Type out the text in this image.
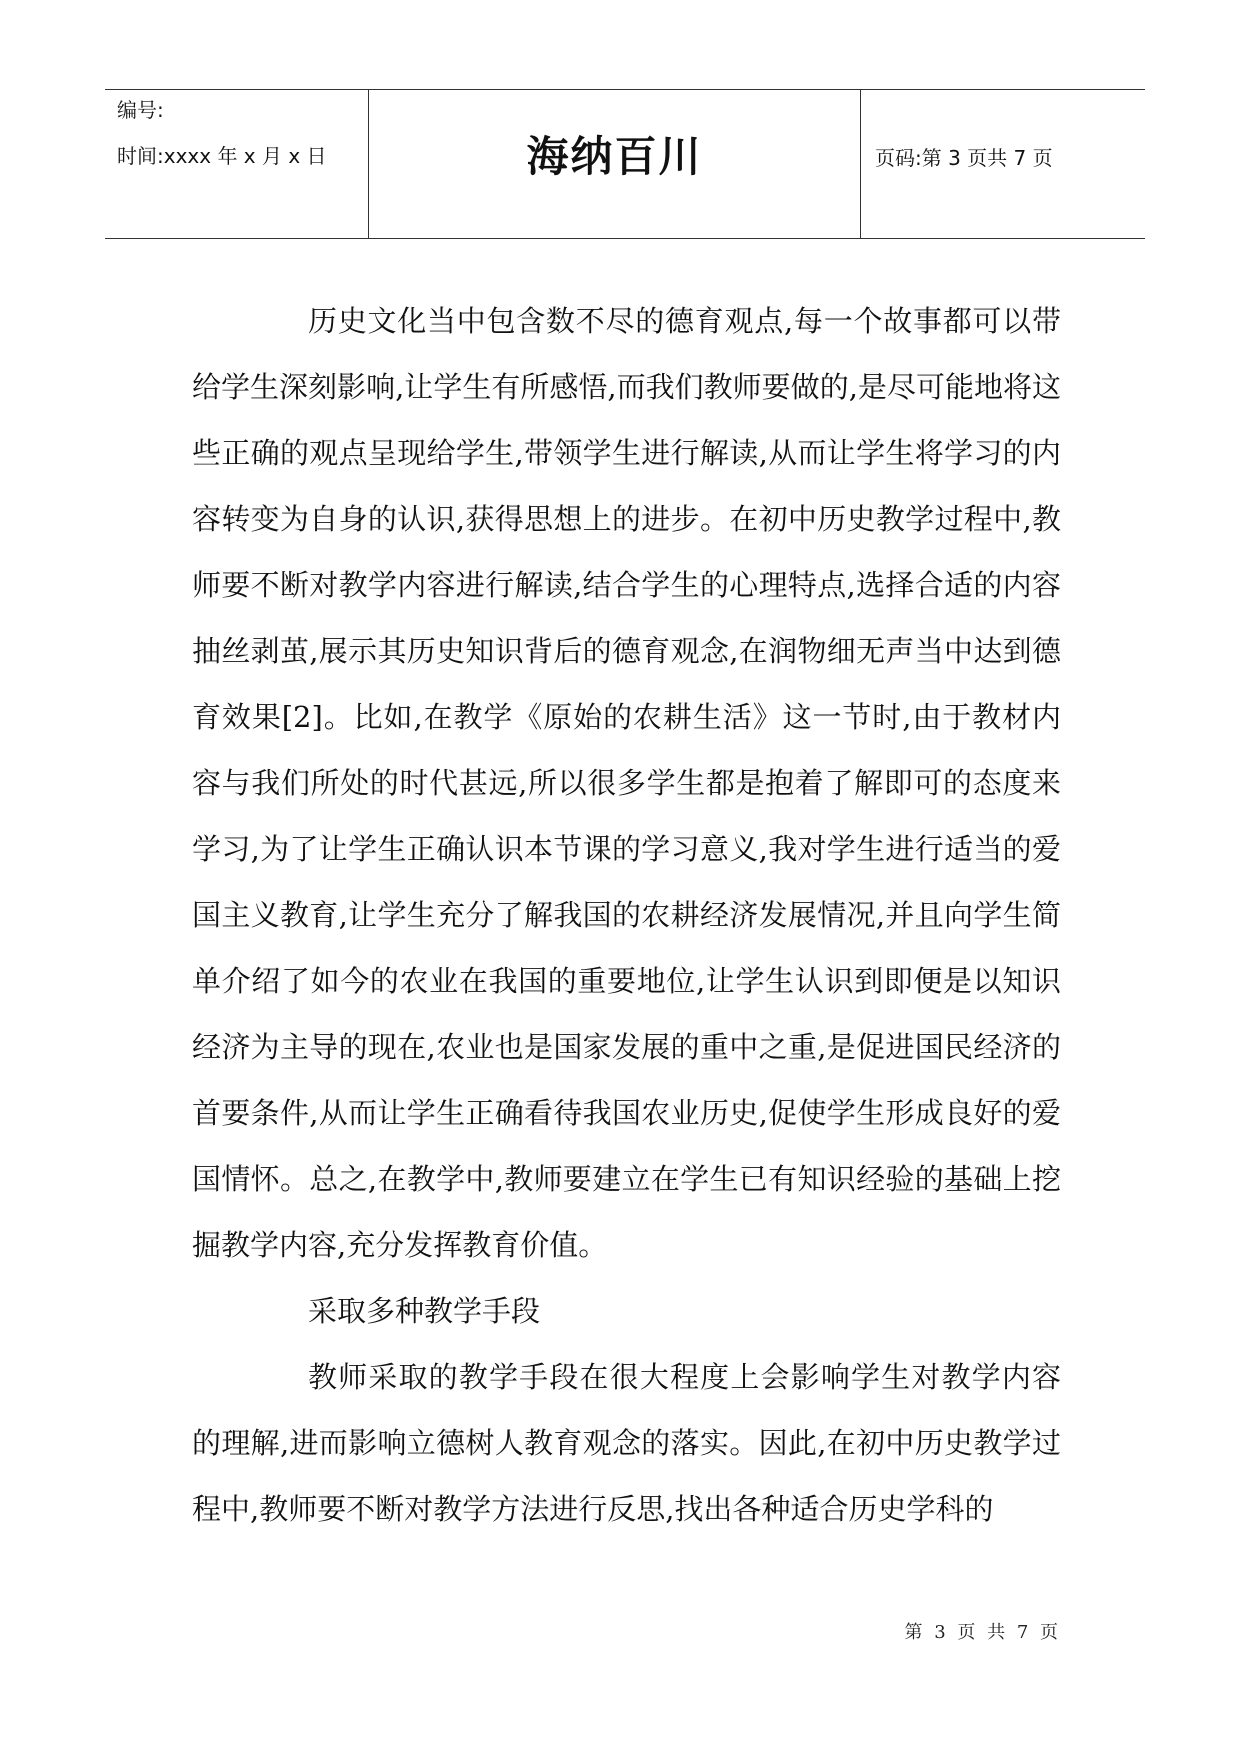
编号:
时间:xxxx 年 x 月 x 日	海纳百川	页码:第 3 页共 7 页

历史文化当中包含数不尽的德育观点,每一个故事都可以带给学生深刻影响,让学生有所感悟,而我们教师要做的,是尽可能地将这些正确的观点呈现给学生,带领学生进行解读,从而让学生将学习的内容转变为自身的认识,获得思想上的进步。在初中历史教学过程中,教师要不断对教学内容进行解读,结合学生的心理特点,选择合适的内容抽丝剥茧,展示其历史知识背后的德育观念,在润物细无声当中达到德育效果[2]。比如,在教学《原始的农耕生活》这一节时,由于教材内容与我们所处的时代甚远,所以很多学生都是抱着了解即可的态度来学习,为了让学生正确认识本节课的学习意义,我对学生进行适当的爱国主义教育,让学生充分了解我国的农耕经济发展情况,并且向学生简单介绍了如今的农业在我国的重要地位,让学生认识到即便是以知识经济为主导的现在,农业也是国家发展的重中之重,是促进国民经济的首要条件,从而让学生正确看待我国农业历史,促使学生形成良好的爱国情怀。总之,在教学中,教师要建立在学生已有知识经验的基础上挖掘教学内容,充分发挥教育价值。

采取多种教学手段

教师采取的教学手段在很大程度上会影响学生对教学内容的理解,进而影响立德树人教育观念的落实。因此,在初中历史教学过程中,教师要不断对教学方法进行反思,找出各种适合历史学科的

第 3 页 共 7 页
